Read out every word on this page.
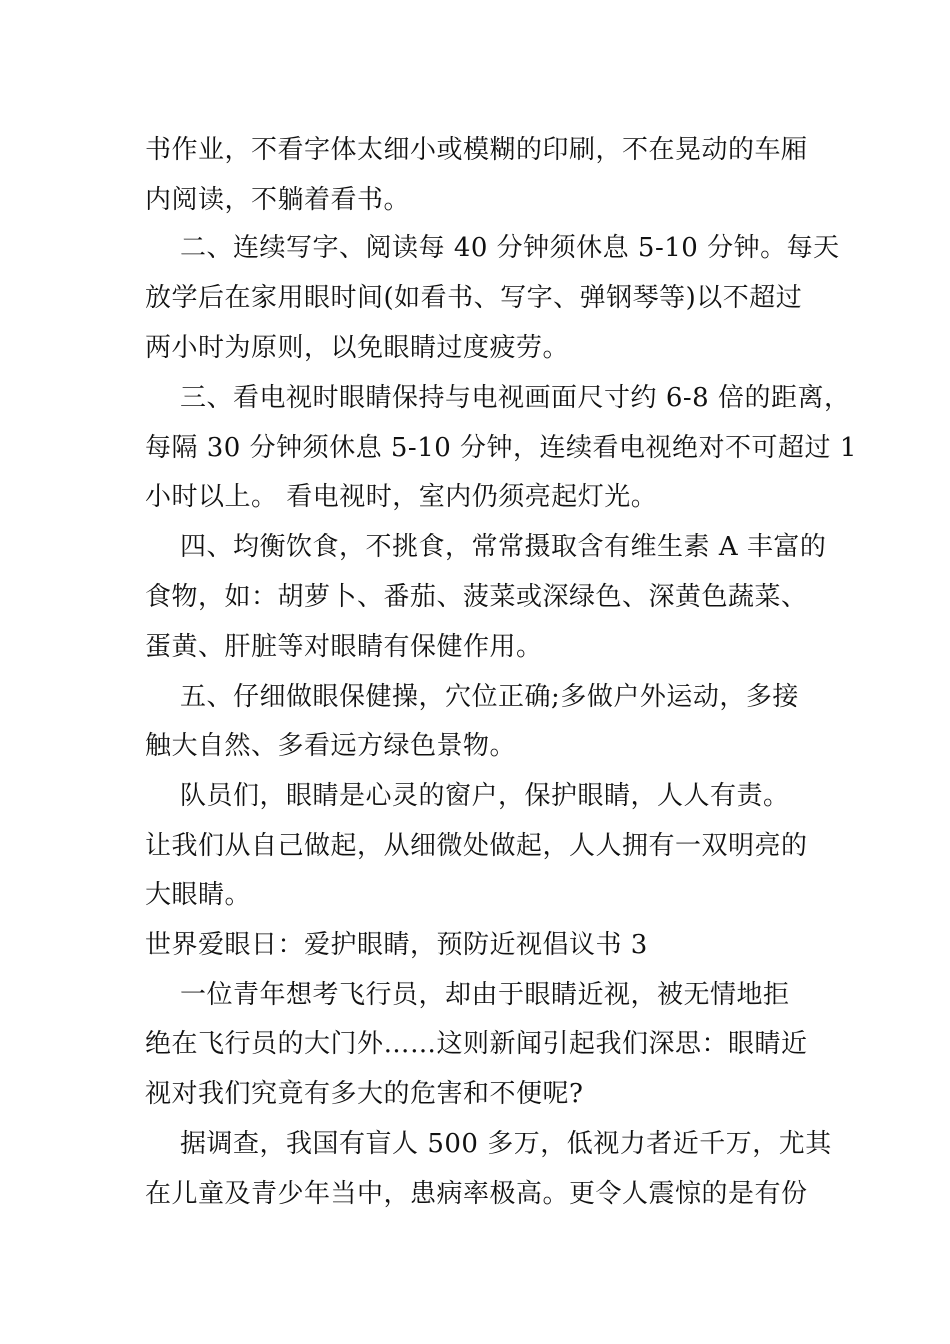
书作业，不看字体太细小或模糊的印刷，不在晃动的车厢
内阅读，不躺着看书。
二、连续写字、阅读每 40 分钟须休息 5-10 分钟。每天
放学后在家用眼时间(如看书、写字、弹钢琴等)以不超过
两小时为原则，以免眼睛过度疲劳。
三、看电视时眼睛保持与电视画面尺寸约 6-8 倍的距离，
每隔 30 分钟须休息 5-10 分钟，连续看电视绝对不可超过 1
小时以上。 看电视时，室内仍须亮起灯光。
四、均衡饮食，不挑食，常常摄取含有维生素 A 丰富的
食物，如：胡萝卜、番茄、菠菜或深绿色、深黄色蔬菜、
蛋黄、肝脏等对眼睛有保健作用。
五、仔细做眼保健操，穴位正确;多做户外运动，多接
触大自然、多看远方绿色景物。
队员们，眼睛是心灵的窗户，保护眼睛，人人有责。
让我们从自己做起，从细微处做起，人人拥有一双明亮的
大眼睛。
世界爱眼日：爱护眼睛，预防近视倡议书 3
一位青年想考飞行员，却由于眼睛近视，被无情地拒
绝在飞行员的大门外……这则新闻引起我们深思：眼睛近
视对我们究竟有多大的危害和不便呢?
据调查，我国有盲人 500 多万，低视力者近千万，尤其
在儿童及青少年当中，患病率极高。更令人震惊的是有份
